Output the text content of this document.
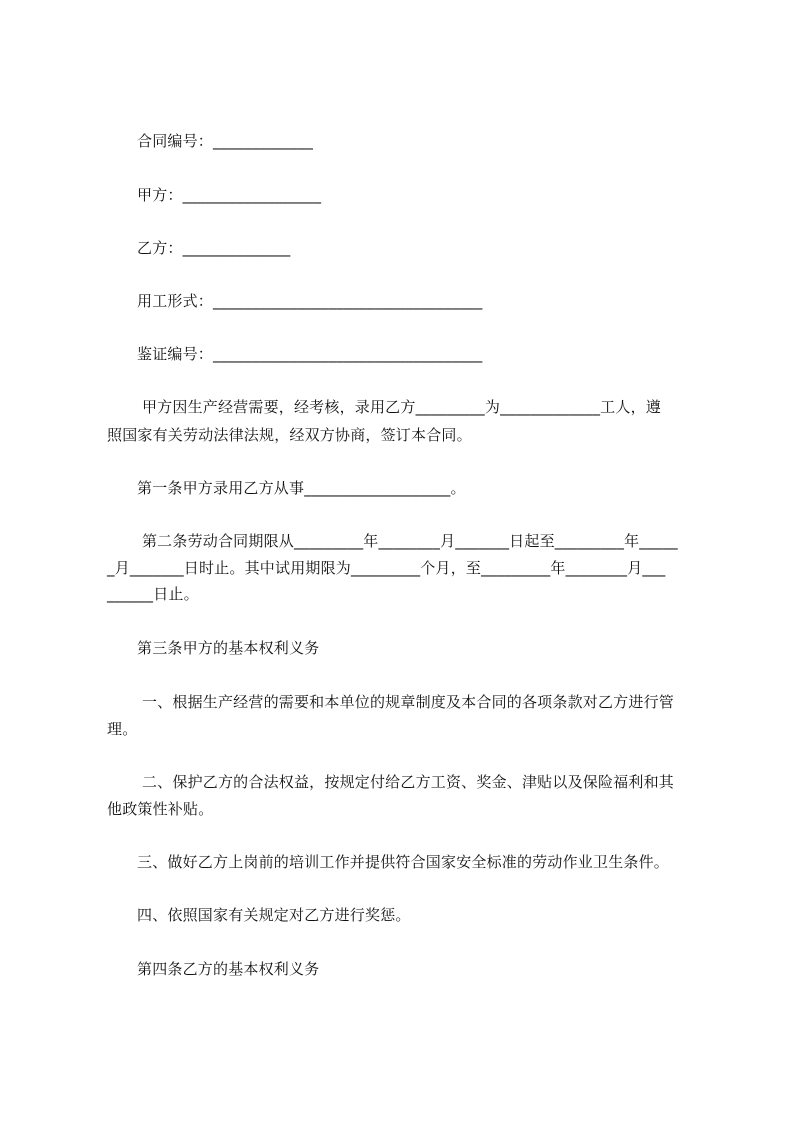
合同编号：_____________
甲方：__________________
乙方：______________
用工形式：___________________________________
鉴证编号：___________________________________
甲方因生产经营需要，经考核，录用乙方_________为_____________工人，遵
照国家有关劳动法律法规，经双方协商，签订本合同。
第一条甲方录用乙方从事___________________。
第二条劳动合同期限从_________年________月_______日起至_________年_____
_月_______日时止。其中试用期限为_________个月，至_________年________月___
______日止。
第三条甲方的基本权利义务
一、根据生产经营的需要和本单位的规章制度及本合同的各项条款对乙方进行管
理。
二、保护乙方的合法权益，按规定付给乙方工资、奖金、津贴以及保险福利和其
他政策性补贴。
三、做好乙方上岗前的培训工作并提供符合国家安全标准的劳动作业卫生条件。
四、依照国家有关规定对乙方进行奖惩。
第四条乙方的基本权利义务
